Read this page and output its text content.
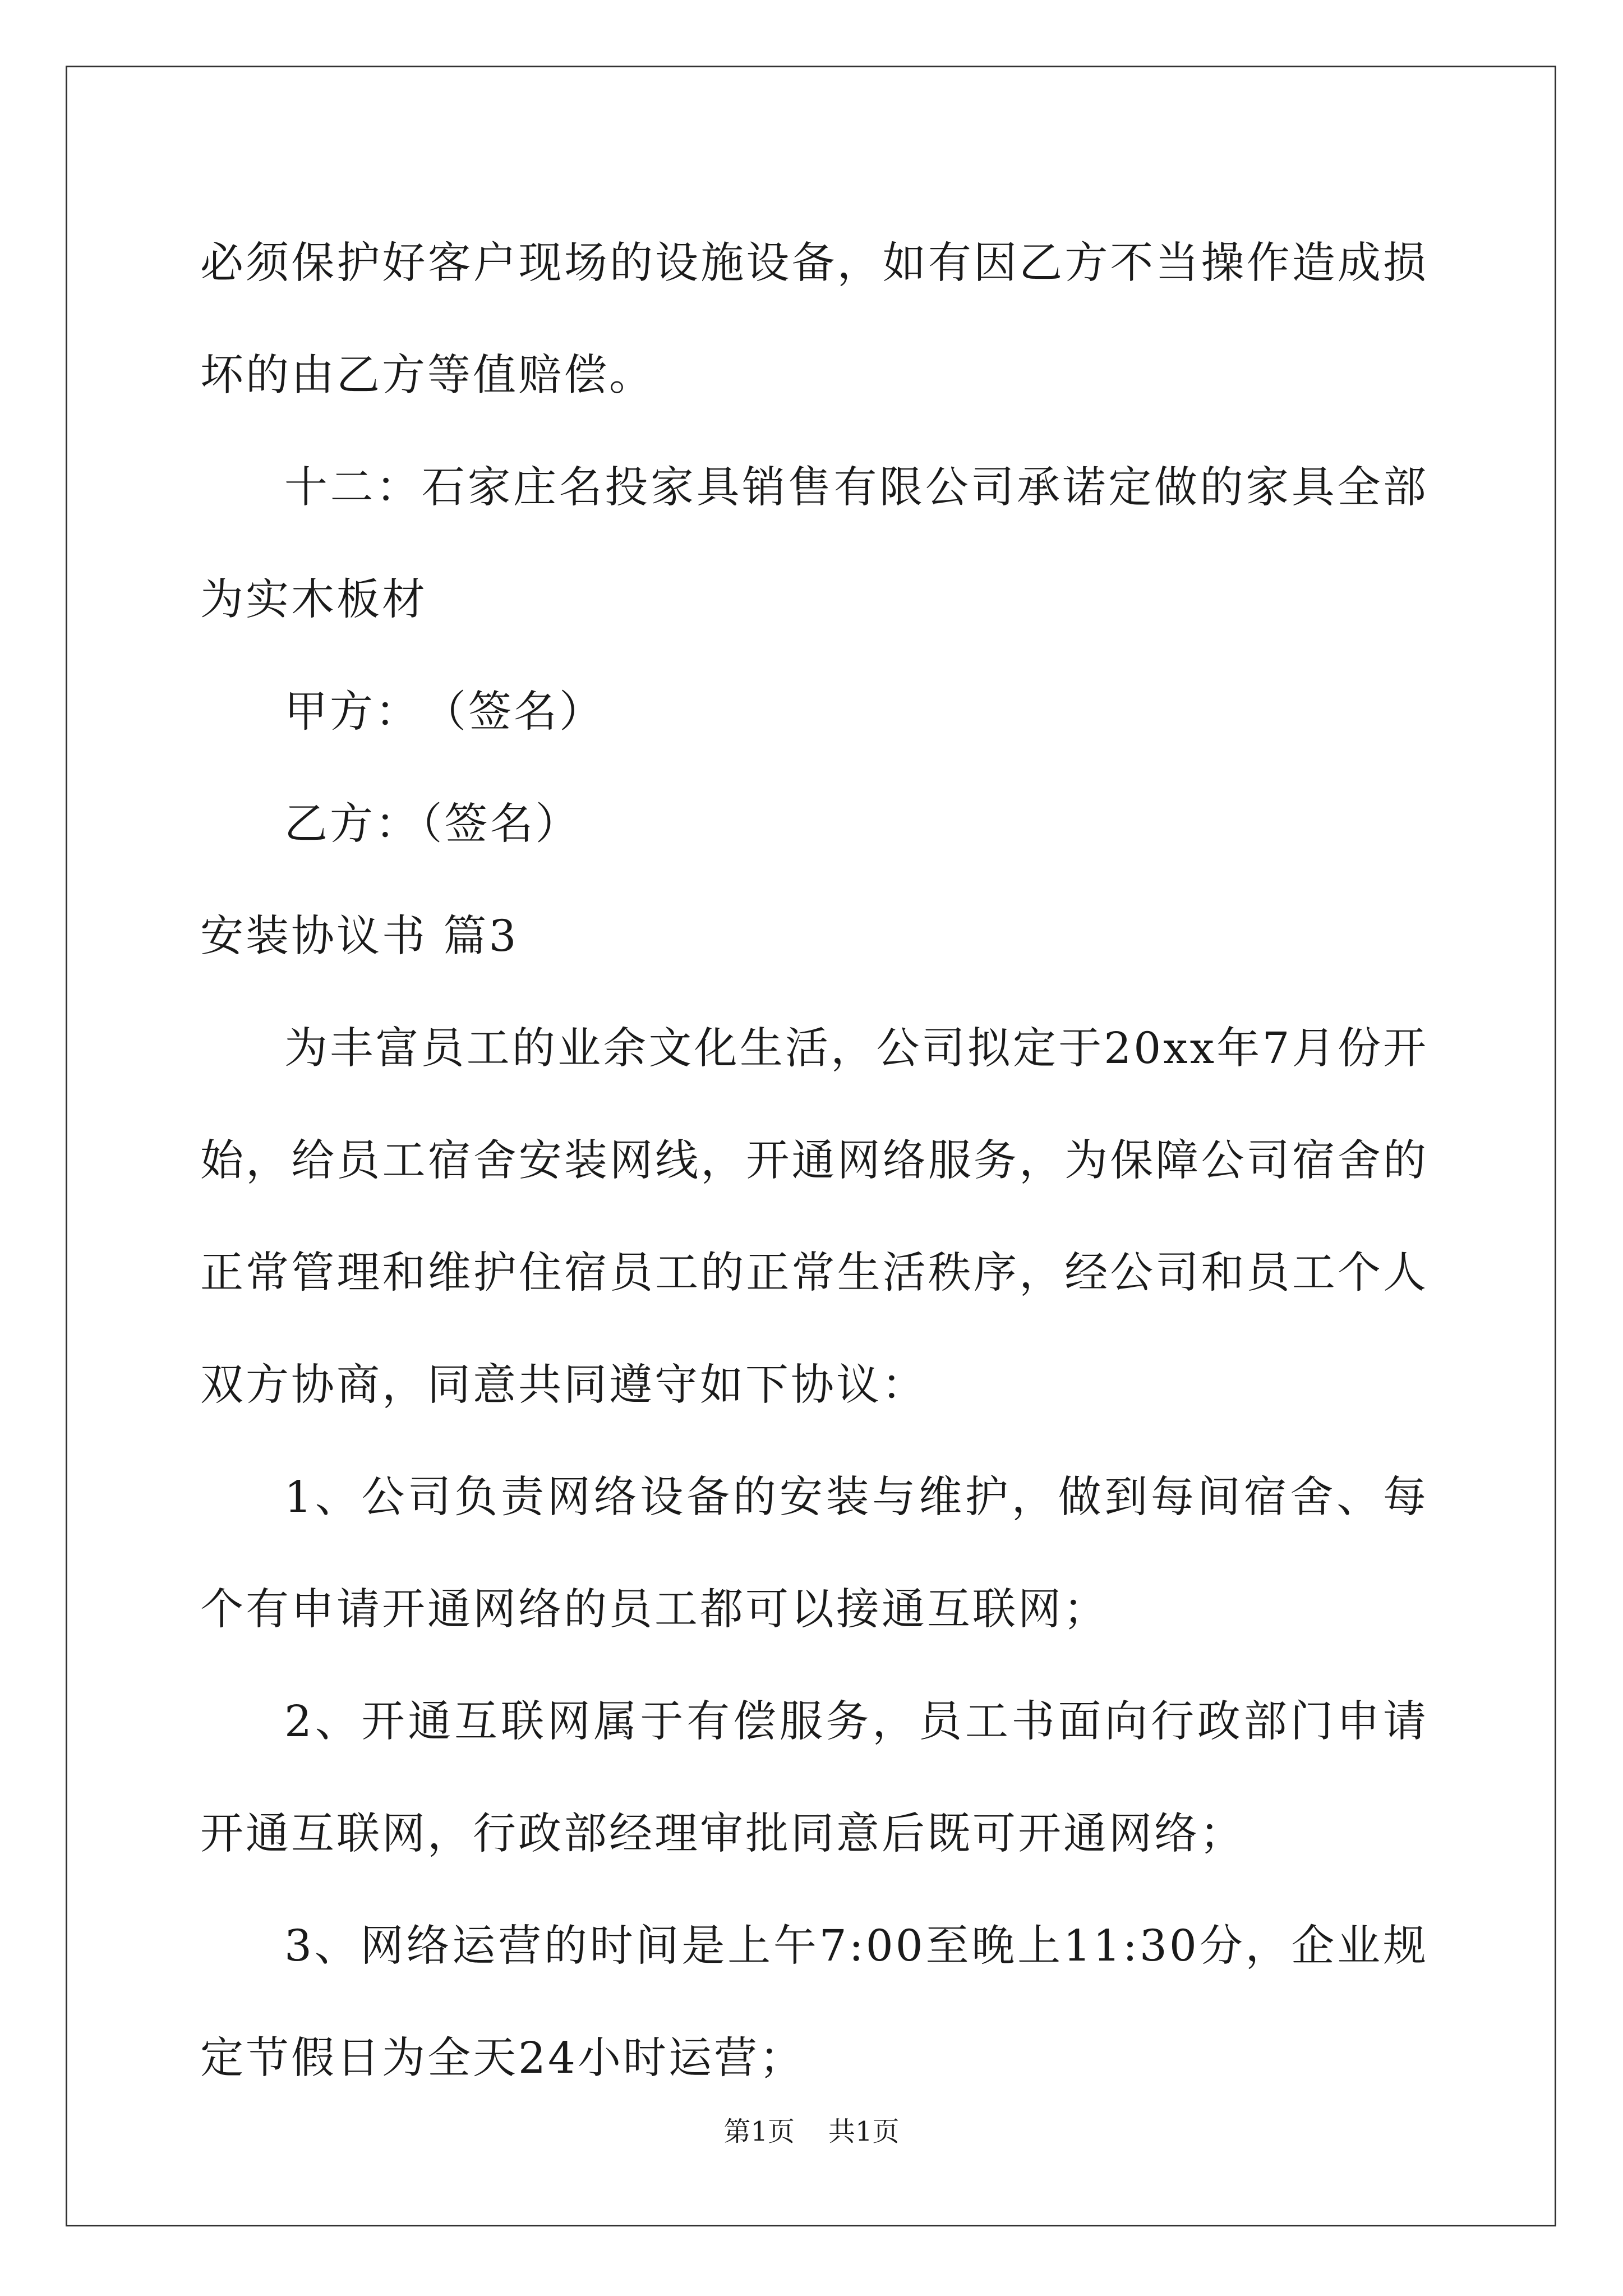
必须保护好客户现场的设施设备，如有因乙方不当操作造成损坏的由乙方等值赔偿。

十二：石家庄名投家具销售有限公司承诺定做的家具全部为实木板材

甲方：　（签名）

乙方：（签名）

安装协议书 篇3

为丰富员工的业余文化生活，公司拟定于20xx年7月份开始，给员工宿舍安装网线，开通网络服务，为保障公司宿舍的正常管理和维护住宿员工的正常生活秩序，经公司和员工个人双方协商，同意共同遵守如下协议：

1、公司负责网络设备的安装与维护，做到每间宿舍、每个有申请开通网络的员工都可以接通互联网；

2、开通互联网属于有偿服务，员工书面向行政部门申请开通互联网，行政部经理审批同意后既可开通网络；

3、网络运营的时间是上午7:00至晚上11:30分，企业规定节假日为全天24小时运营；

第1页 共1页
